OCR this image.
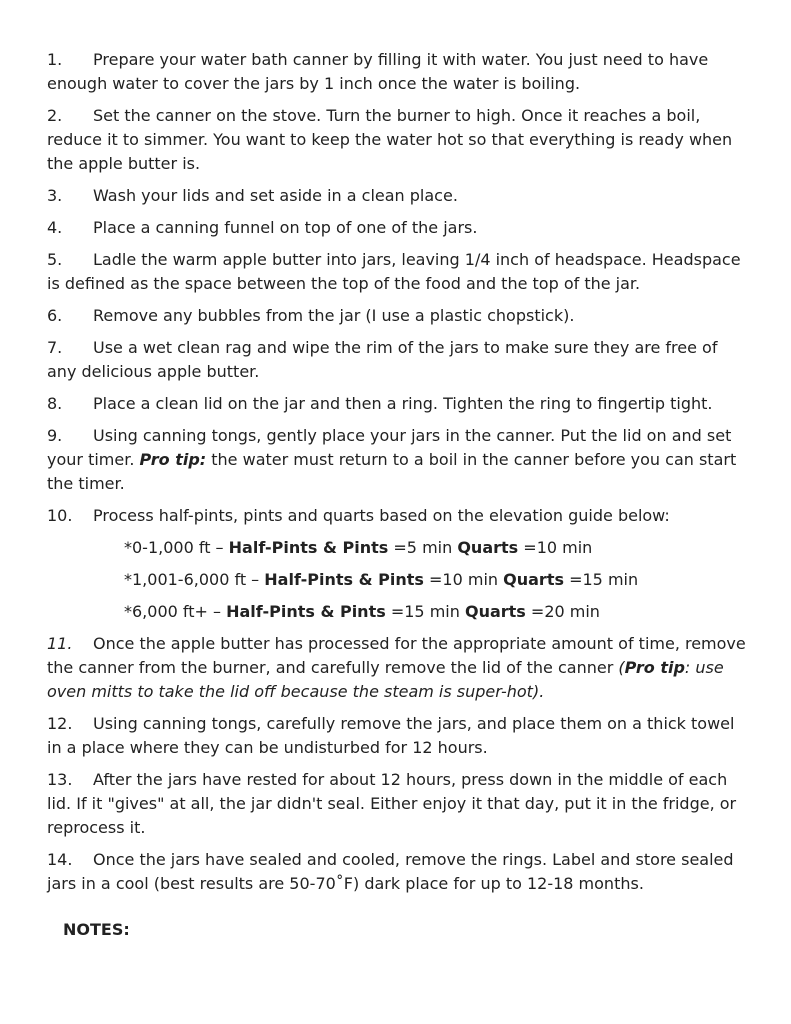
1. Prepare your water bath canner by filling it with water. You just need to have enough water to cover the jars by 1 inch once the water is boiling.
2. Set the canner on the stove. Turn the burner to high. Once it reaches a boil, reduce it to simmer. You want to keep the water hot so that everything is ready when the apple butter is.
3. Wash your lids and set aside in a clean place.
4. Place a canning funnel on top of one of the jars.
5. Ladle the warm apple butter into jars, leaving 1/4 inch of headspace. Headspace is defined as the space between the top of the food and the top of the jar.
6. Remove any bubbles from the jar (I use a plastic chopstick).
7. Use a wet clean rag and wipe the rim of the jars to make sure they are free of any delicious apple butter.
8. Place a clean lid on the jar and then a ring. Tighten the ring to fingertip tight.
9. Using canning tongs, gently place your jars in the canner. Put the lid on and set your timer. Pro tip: the water must return to a boil in the canner before you can start the timer.
10. Process half-pints, pints and quarts based on the elevation guide below:
*0-1,000 ft – Half-Pints & Pints =5 min Quarts =10 min
*1,001-6,000 ft – Half-Pints & Pints =10 min Quarts =15 min
*6,000 ft+ – Half-Pints & Pints =15 min Quarts =20 min
11. Once the apple butter has processed for the appropriate amount of time, remove the canner from the burner, and carefully remove the lid of the canner (Pro tip: use oven mitts to take the lid off because the steam is super-hot).
12. Using canning tongs, carefully remove the jars, and place them on a thick towel in a place where they can be undisturbed for 12 hours.
13. After the jars have rested for about 12 hours, press down in the middle of each lid. If it "gives" at all, the jar didn't seal. Either enjoy it that day, put it in the fridge, or reprocess it.
14. Once the jars have sealed and cooled, remove the rings. Label and store sealed jars in a cool (best results are 50-70˚F) dark place for up to 12-18 months.
NOTES:
